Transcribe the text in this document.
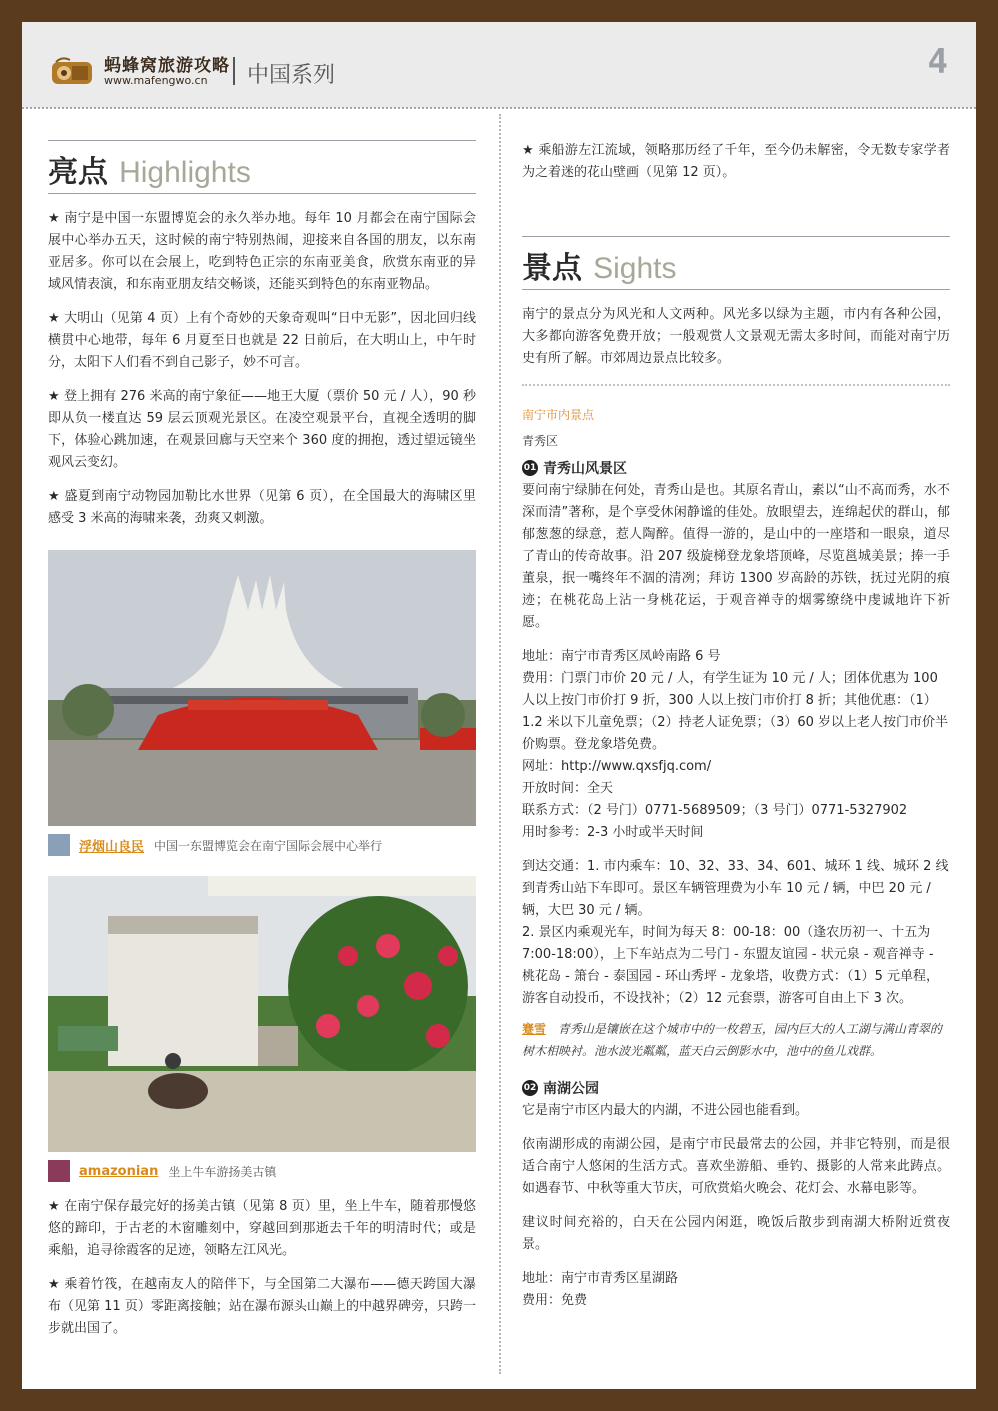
蚂蜂窝旅游攻略
www.mafengwo.cn 中国系列	4
亮点 Highlights

★ 南宁是中国一东盟博览会的永久举办地。每年 10 月都会在南宁国际会展中心举办五天，这时候的南宁特别热闹，迎接来自各国的朋友，以东南亚居多。你可以在会展上，吃到特色正宗的东南亚美食，欣赏东南亚的异域风情表演，和东南亚朋友结交畅谈，还能买到特色的东南亚物品。

★ 大明山（见第 4 页）上有个奇妙的天象奇观叫“日中无影”，因北回归线横贯中心地带，每年 6 月夏至日也就是 22 日前后，在大明山上，中午时分，太阳下人们看不到自己影子，妙不可言。

★ 登上拥有 276 米高的南宁象征——地王大厦（票价 50 元 / 人），90 秒即从负一楼直达 59 层云顶观光景区。在凌空观景平台，直视全透明的脚下，体验心跳加速，在观景回廊与天空来个 360 度的拥抱，透过望远镜坐观风云变幻。

★ 盛夏到南宁动物园加勒比水世界（见第 6 页），在全国最大的海啸区里感受 3 米高的海啸来袭，劲爽又刺激。

浮烟山良民 中国一东盟博览会在南宁国际会展中心举行
amazonian 坐上牛车游扬美古镇

★ 在南宁保存最完好的扬美古镇（见第 8 页）里，坐上牛车，随着那慢悠悠的蹄印，于古老的木窗雕刻中，穿越回到那逝去千年的明清时代；或是乘船，追寻徐霞客的足迹，领略左江风光。

★ 乘着竹筏，在越南友人的陪伴下，与全国第二大瀑布——德天跨国大瀑布（见第 11 页）零距离接触；站在瀑布源头山巅上的中越界碑旁，只跨一步就出国了。

★ 乘船游左江流域，领略那历经了千年，至今仍未解密，令无数专家学者为之着迷的花山壁画（见第 12 页）。

景点 Sights

南宁的景点分为风光和人文两种。风光多以绿为主题，市内有各种公园，大多都向游客免费开放；一般观赏人文景观无需太多时间，而能对南宁历史有所了解。市郊周边景点比较多。

南宁市内景点
青秀区
01 青秀山风景区

要问南宁绿肺在何处，青秀山是也。其原名青山，素以“山不高而秀，水不深而清”著称，是个享受休闲静谧的佳处。放眼望去，连绵起伏的群山，郁郁葱葱的绿意，惹人陶醉。值得一游的，是山中的一座塔和一眼泉，道尽了青山的传奇故事。沿 207 级旋梯登龙象塔顶峰，尽览邕城美景；捧一手董泉，抿一嘴终年不涸的清冽；拜访 1300 岁高龄的苏铁，抚过光阴的痕迹；在桃花岛上沾一身桃花运，于观音禅寺的烟雾缭绕中虔诚地许下祈愿。

地址：南宁市青秀区凤岭南路 6 号

费用：门票门市价 20 元 / 人，有学生证为 10 元 / 人；团体优惠为 100 人以上按门市价打 9 折，300 人以上按门市价打 8 折；其他优惠：（1）1.2 米以下儿童免票；（2）持老人证免票；（3）60 岁以上老人按门市价半价购票。登龙象塔免费。

网址：http://www.qxsfjq.com/

开放时间：全天

联系方式：（2 号门）0771-5689509；（3 号门）0771-5327902

用时参考：2-3 小时或半天时间

到达交通：1. 市内乘车：10、32、33、34、601、城环 1 线、城环 2 线到青秀山站下车即可。景区车辆管理费为小车 10 元 / 辆，中巴 20 元 / 辆，大巴 30 元 / 辆。

2. 景区内乘观光车，时间为每天 8：00-18：00（逢农历初一、十五为 7:00-18:00），上下车站点为二号门 - 东盟友谊园 - 状元泉 - 观音禅寺 - 桃花岛 - 箫台 - 泰国园 - 环山秀坪 - 龙象塔，收费方式：（1）5 元单程，游客自动投币，不设找补；（2）12 元套票，游客可自由上下 3 次。

蹇雪 青秀山是镶嵌在这个城市中的一枚碧玉，园内巨大的人工湖与满山青翠的树木相映衬。池水波光粼粼，蓝天白云倒影水中，池中的鱼儿戏群。

02 南湖公园

它是南宁市区内最大的内湖，不进公园也能看到。

依南湖形成的南湖公园，是南宁市民最常去的公园，并非它特别，而是很适合南宁人悠闲的生活方式。喜欢坐游船、垂钓、摄影的人常来此踌点。如遇春节、中秋等重大节庆，可欣赏焰火晚会、花灯会、水幕电影等。

建议时间充裕的，白天在公园内闲逛，晚饭后散步到南湖大桥附近赏夜景。

地址：南宁市青秀区星湖路

费用：免费
